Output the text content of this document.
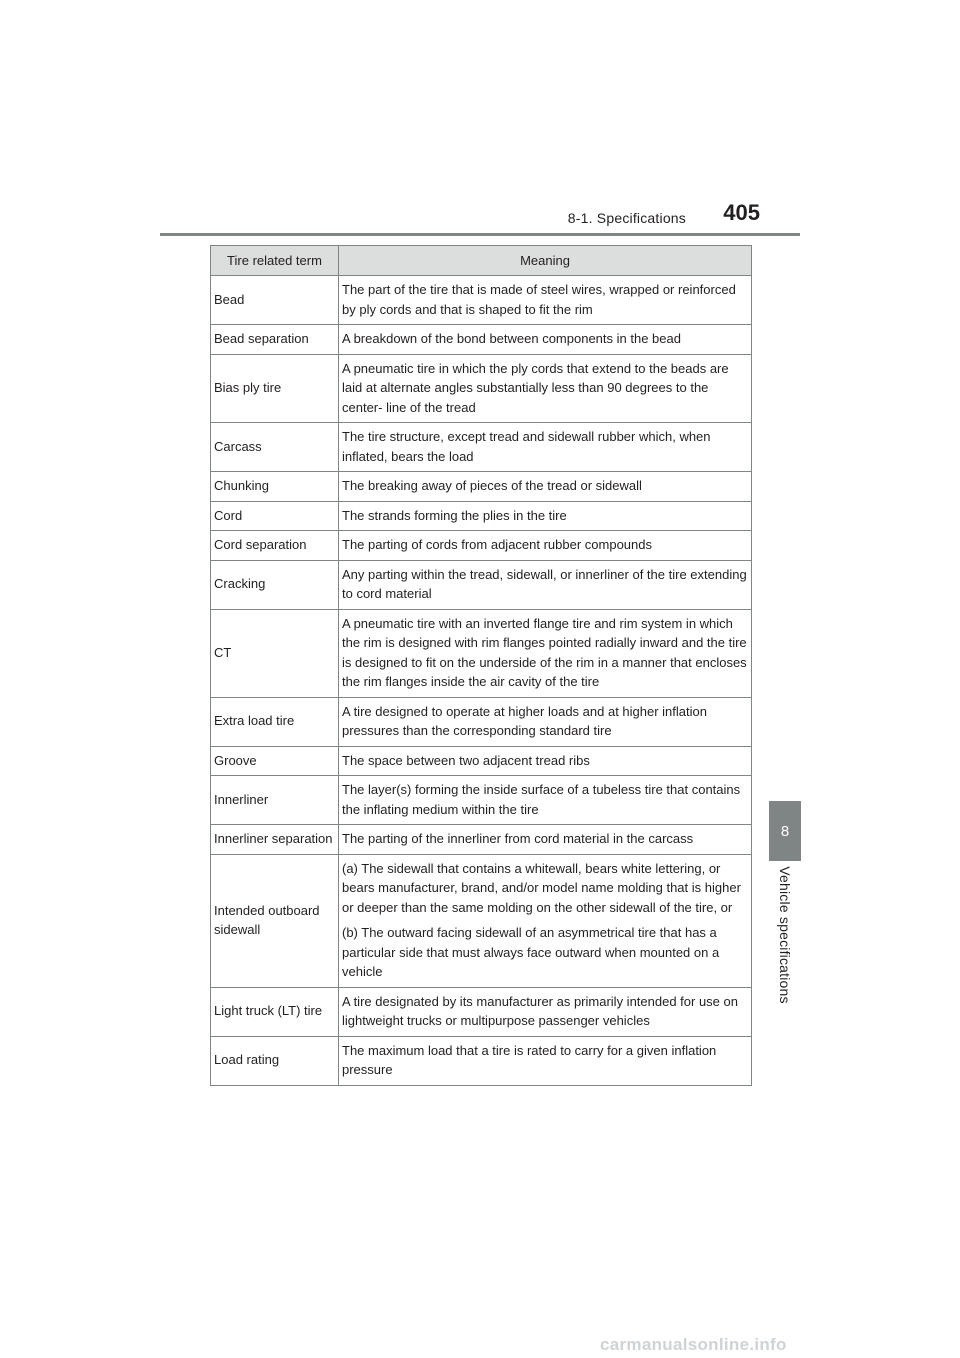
8-1. Specifications 405
8
Vehicle specifications
Tire related term	Meaning
Bead	The part of the tire that is made of steel wires, wrapped or reinforced by ply cords and that is shaped to fit the rim

Bead separation	A breakdown of the bond between components in the bead

Bias ply tire	A pneumatic tire in which the ply cords that extend to the beads are laid at alternate angles substantially less than 90 degrees to the center- line of the tread

Carcass	The tire structure, except tread and sidewall rubber which, when inflated, bears the load

Chunking	The breaking away of pieces of the tread or sidewall

Cord	The strands forming the plies in the tire

Cord separation	The parting of cords from adjacent rubber compounds

Cracking	Any parting within the tread, sidewall, or innerliner of the tire extending to cord material

CT	A pneumatic tire with an inverted flange tire and rim system in which the rim is designed with rim flanges pointed radially inward and the tire is designed to fit on the underside of the rim in a manner that encloses the rim flanges inside the air cavity of the tire

Extra load tire	A tire designed to operate at higher loads and at higher inflation pressures than the corresponding standard tire

Groove	The space between two adjacent tread ribs

Innerliner	The layer(s) forming the inside surface of a tubeless tire that contains the inflating medium within the tire

Innerliner separation	The parting of the innerliner from cord material in the carcass

Intended outboard sidewall	(a) The sidewall that contains a whitewall, bears white lettering, or bears manufacturer, brand, and/or model name molding that is higher or deeper than the same molding on the other sidewall of the tire, or

(b) The outward facing sidewall of an asymmetrical tire that has a particular side that must always face outward when mounted on a vehicle

Light truck (LT) tire	A tire designated by its manufacturer as primarily intended for use on lightweight trucks or multipurpose passenger vehicles

Load rating	The maximum load that a tire is rated to carry for a given inflation pressure

carmanualsonline.info
